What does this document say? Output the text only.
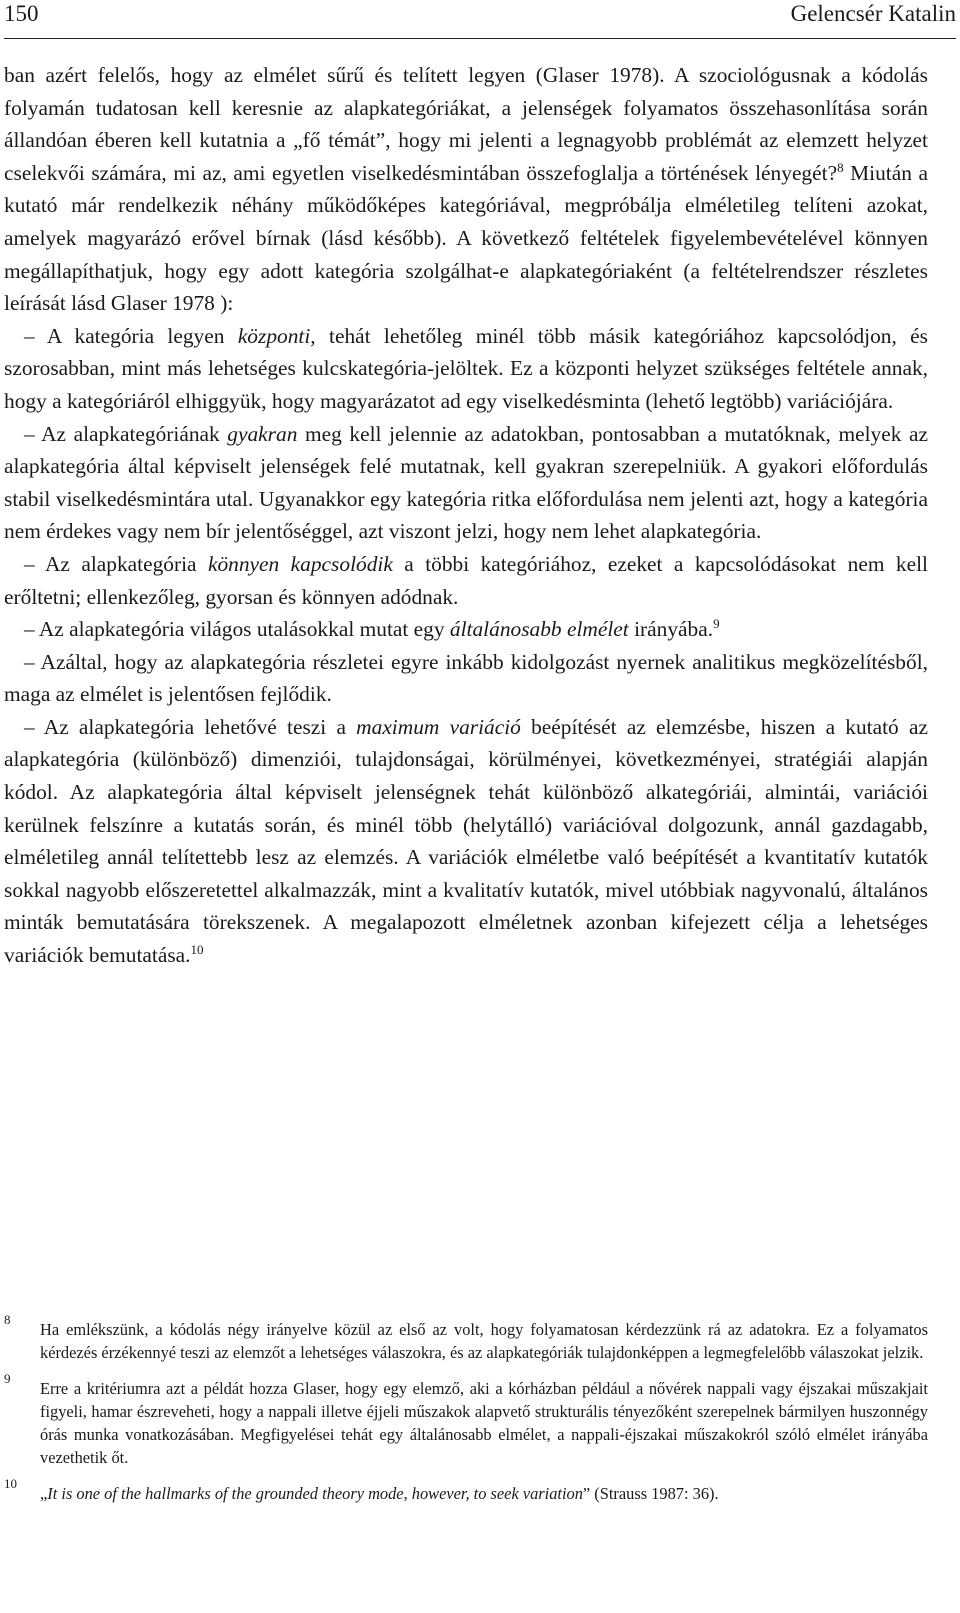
150	Gelencsér Katalin

ban azért felelős, hogy az elmélet sűrű és telített legyen (Glaser 1978). A szociológusnak a kódolás folyamán tudatosan kell keresnie az alapkategóriákat, a jelenségek folyamatos összehasonlítása során állandóan éberen kell kutatnia a „fő témát”, hogy mi jelenti a legnagyobb problémát az elemzett helyzet cselekvői számára, mi az, ami egyetlen viselkedésmintában összefoglalja a történések lényegét?$^8$ Miután a kutató már rendelkezik néhány működőképes kategóriával, megpróbálja elméletileg telíteni azokat, amelyek magyarázó erővel bírnak (lásd később). A következő feltételek figyelembevételével könnyen megállapíthatjuk, hogy egy adott kategória szolgálhat-e alapkategóriaként (a feltételrendszer részletes leírását lásd Glaser 1978 ):

– A kategória legyen központi, tehát lehetőleg minél több másik kategóriához kapcsolódjon, és szorosabban, mint más lehetséges kulcskategória-jelöltek. Ez a központi helyzet szükséges feltétele annak, hogy a kategóriáról elhiggyük, hogy magyarázatot ad egy viselkedésminta (lehető legtöbb) variációjára.

– Az alapkategóriának gyakran meg kell jelennie az adatokban, pontosabban a mutatóknak, melyek az alapkategória által képviselt jelenségek felé mutatnak, kell gyakran szerepelniük. A gyakori előfordulás stabil viselkedésmintára utal. Ugyanakkor egy kategória ritka előfordulása nem jelenti azt, hogy a kategória nem érdekes vagy nem bír jelentőséggel, azt viszont jelzi, hogy nem lehet alapkategória.

– Az alapkategória könnyen kapcsolódik a többi kategóriához, ezeket a kapcsolódásokat nem kell erőltetni; ellenkezőleg, gyorsan és könnyen adódnak.

– Az alapkategória világos utalásokkal mutat egy általánosabb elmélet irányába.$^9$

– Azáltal, hogy az alapkategória részletei egyre inkább kidolgozást nyernek analitikus megközelítésből, maga az elmélet is jelentősen fejlődik.

– Az alapkategória lehetővé teszi a maximum variáció beépítését az elemzésbe, hiszen a kutató az alapkategória (különböző) dimenziói, tulajdonságai, körülményei, következményei, stratégiái alapján kódol. Az alapkategória által képviselt jelenségnek tehát különböző alkategóriái, almintái, variációi kerülnek felszínre a kutatás során, és minél több (helytálló) variációval dolgozunk, annál gazdagabb, elméletileg annál telítettebb lesz az elemzés. A variációk elméletbe való beépítését a kvantitatív kutatók sokkal nagyobb előszeretettel alkalmazzák, mint a kvalitatív kutatók, mivel utóbbiak nagyvonalú, általános minták bemutatására törekszenek. A megalapozott elméletnek azonban kifejezett célja a lehetséges variációk bemutatása.$^{10}$

8
Ha emlékszünk, a kódolás négy irányelve közül az első az volt, hogy folyamatosan kérdezzünk rá az adatokra. Ez a folyamatos kérdezés érzékennyé teszi az elemzőt a lehetséges válaszokra, és az alapkategóriák tulajdonképpen a legmegfelelőbb válaszokat jelzik.
9
Erre a kritériumra azt a példát hozza Glaser, hogy egy elemző, aki a kórházban például a nővérek nappali vagy éjszakai műszakjait figyeli, hamar észreveheti, hogy a nappali illetve éjjeli műszakok alapvető strukturális tényezőként szerepelnek bármilyen huszonnégy órás munka vonatkozásában. Megfigyelései tehát egy általánosabb elmélet, a nappali-éjszakai műszakokról szóló elmélet irányába vezethetik őt.
10
„It is one of the hallmarks of the grounded theory mode, however, to seek variation” (Strauss 1987: 36).
